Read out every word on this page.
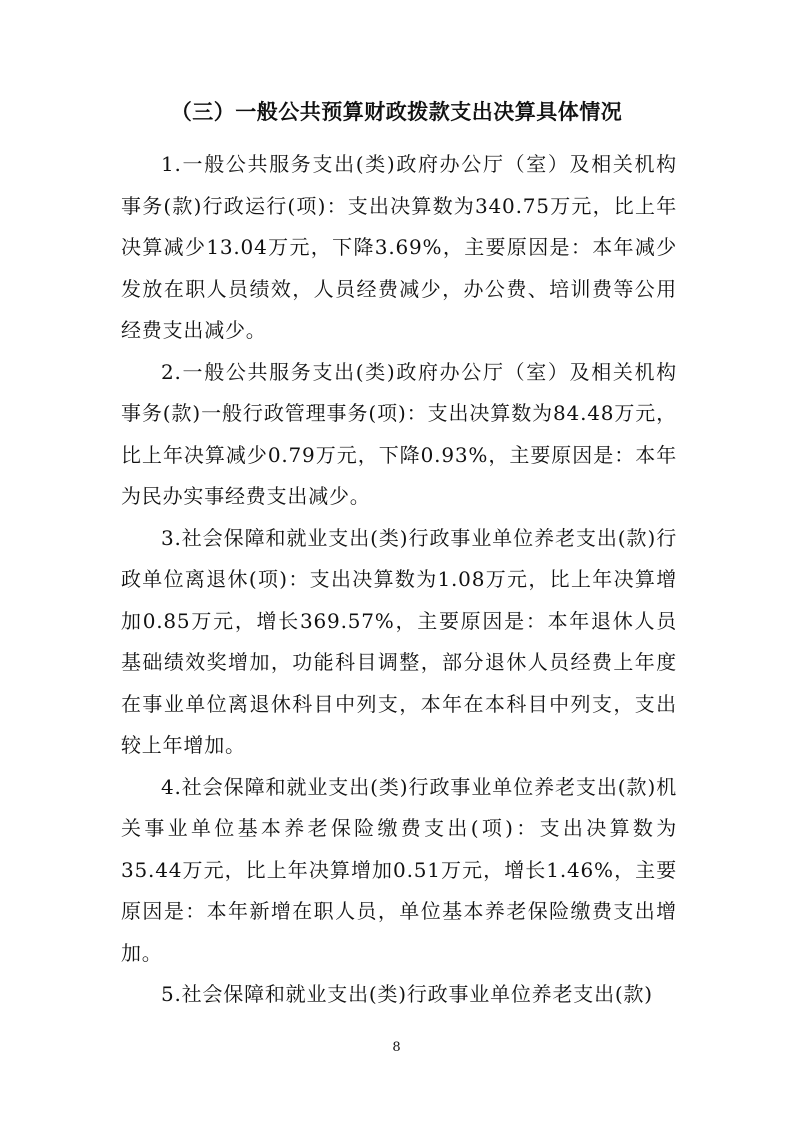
（三）一般公共预算财政拨款支出决算具体情况

1.一般公共服务支出(类)政府办公厅（室）及相关机构事务(款)行政运行(项)：支出决算数为340.75万元，比上年决算减少13.04万元，下降3.69%，主要原因是：本年减少发放在职人员绩效，人员经费减少，办公费、培训费等公用经费支出减少。

2.一般公共服务支出(类)政府办公厅（室）及相关机构事务(款)一般行政管理事务(项)：支出决算数为84.48万元，比上年决算减少0.79万元，下降0.93%，主要原因是：本年为民办实事经费支出减少。

3.社会保障和就业支出(类)行政事业单位养老支出(款)行政单位离退休(项)：支出决算数为1.08万元，比上年决算增加0.85万元，增长369.57%，主要原因是：本年退休人员基础绩效奖增加，功能科目调整，部分退休人员经费上年度在事业单位离退休科目中列支，本年在本科目中列支，支出较上年增加。

4.社会保障和就业支出(类)行政事业单位养老支出(款)机关事业单位基本养老保险缴费支出(项)：支出决算数为35.44万元，比上年决算增加0.51万元，增长1.46%，主要原因是：本年新增在职人员，单位基本养老保险缴费支出增加。

5.社会保障和就业支出(类)行政事业单位养老支出(款)

8
